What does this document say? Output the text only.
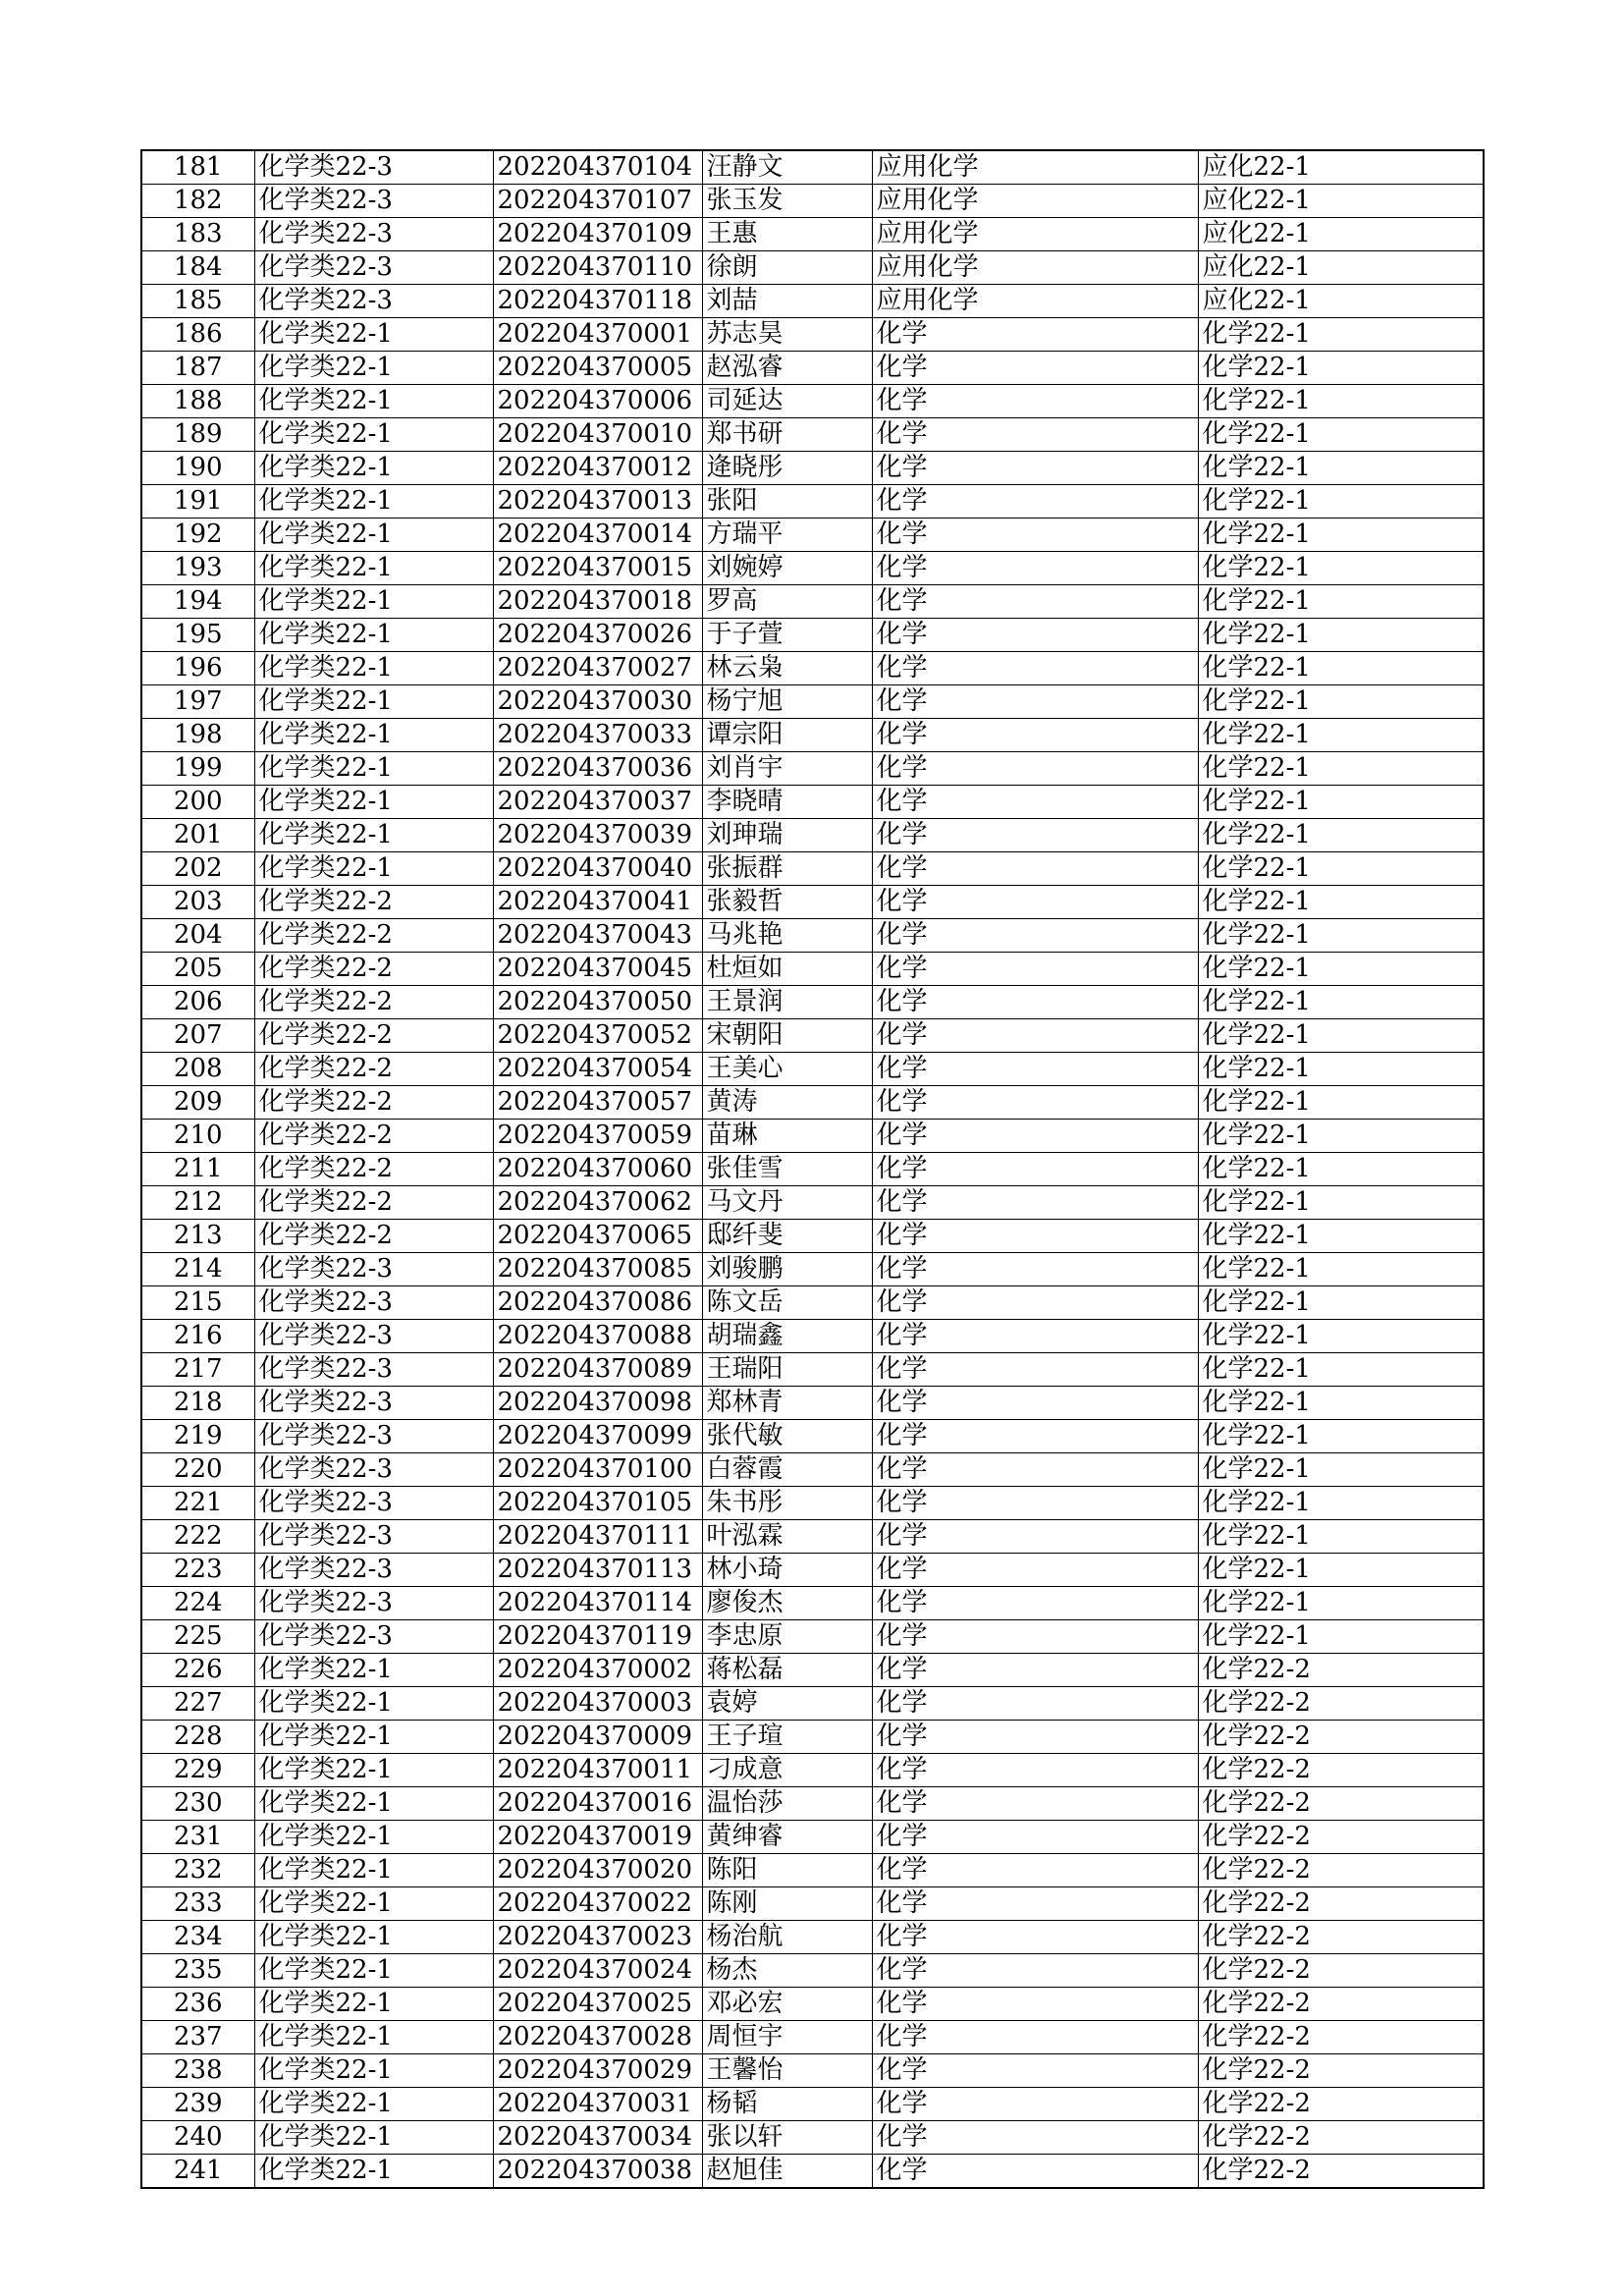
181	化学类22-3	202204370104	汪静文	应用化学	应化22-1
182	化学类22-3	202204370107	张玉发	应用化学	应化22-1
183	化学类22-3	202204370109	王惠	应用化学	应化22-1
184	化学类22-3	202204370110	徐朗	应用化学	应化22-1
185	化学类22-3	202204370118	刘喆	应用化学	应化22-1
186	化学类22-1	202204370001	苏志昊	化学	化学22-1
187	化学类22-1	202204370005	赵泓睿	化学	化学22-1
188	化学类22-1	202204370006	司延达	化学	化学22-1
189	化学类22-1	202204370010	郑书研	化学	化学22-1
190	化学类22-1	202204370012	逄晓彤	化学	化学22-1
191	化学类22-1	202204370013	张阳	化学	化学22-1
192	化学类22-1	202204370014	方瑞平	化学	化学22-1
193	化学类22-1	202204370015	刘婉婷	化学	化学22-1
194	化学类22-1	202204370018	罗高	化学	化学22-1
195	化学类22-1	202204370026	于子萱	化学	化学22-1
196	化学类22-1	202204370027	林云枭	化学	化学22-1
197	化学类22-1	202204370030	杨宁旭	化学	化学22-1
198	化学类22-1	202204370033	谭宗阳	化学	化学22-1
199	化学类22-1	202204370036	刘肖宇	化学	化学22-1
200	化学类22-1	202204370037	李晓晴	化学	化学22-1
201	化学类22-1	202204370039	刘珅瑞	化学	化学22-1
202	化学类22-1	202204370040	张振群	化学	化学22-1
203	化学类22-2	202204370041	张毅哲	化学	化学22-1
204	化学类22-2	202204370043	马兆艳	化学	化学22-1
205	化学类22-2	202204370045	杜烜如	化学	化学22-1
206	化学类22-2	202204370050	王景润	化学	化学22-1
207	化学类22-2	202204370052	宋朝阳	化学	化学22-1
208	化学类22-2	202204370054	王美心	化学	化学22-1
209	化学类22-2	202204370057	黄涛	化学	化学22-1
210	化学类22-2	202204370059	苗琳	化学	化学22-1
211	化学类22-2	202204370060	张佳雪	化学	化学22-1
212	化学类22-2	202204370062	马文丹	化学	化学22-1
213	化学类22-2	202204370065	邸纤斐	化学	化学22-1
214	化学类22-3	202204370085	刘骏鹏	化学	化学22-1
215	化学类22-3	202204370086	陈文岳	化学	化学22-1
216	化学类22-3	202204370088	胡瑞鑫	化学	化学22-1
217	化学类22-3	202204370089	王瑞阳	化学	化学22-1
218	化学类22-3	202204370098	郑林青	化学	化学22-1
219	化学类22-3	202204370099	张代敏	化学	化学22-1
220	化学类22-3	202204370100	白蓉霞	化学	化学22-1
221	化学类22-3	202204370105	朱书彤	化学	化学22-1
222	化学类22-3	202204370111	叶泓霖	化学	化学22-1
223	化学类22-3	202204370113	林小琦	化学	化学22-1
224	化学类22-3	202204370114	廖俊杰	化学	化学22-1
225	化学类22-3	202204370119	李忠原	化学	化学22-1
226	化学类22-1	202204370002	蒋松磊	化学	化学22-2
227	化学类22-1	202204370003	袁婷	化学	化学22-2
228	化学类22-1	202204370009	王子瑄	化学	化学22-2
229	化学类22-1	202204370011	刁成意	化学	化学22-2
230	化学类22-1	202204370016	温怡莎	化学	化学22-2
231	化学类22-1	202204370019	黄绅睿	化学	化学22-2
232	化学类22-1	202204370020	陈阳	化学	化学22-2
233	化学类22-1	202204370022	陈刚	化学	化学22-2
234	化学类22-1	202204370023	杨治航	化学	化学22-2
235	化学类22-1	202204370024	杨杰	化学	化学22-2
236	化学类22-1	202204370025	邓必宏	化学	化学22-2
237	化学类22-1	202204370028	周恒宇	化学	化学22-2
238	化学类22-1	202204370029	王馨怡	化学	化学22-2
239	化学类22-1	202204370031	杨韬	化学	化学22-2
240	化学类22-1	202204370034	张以轩	化学	化学22-2
241	化学类22-1	202204370038	赵旭佳	化学	化学22-2
